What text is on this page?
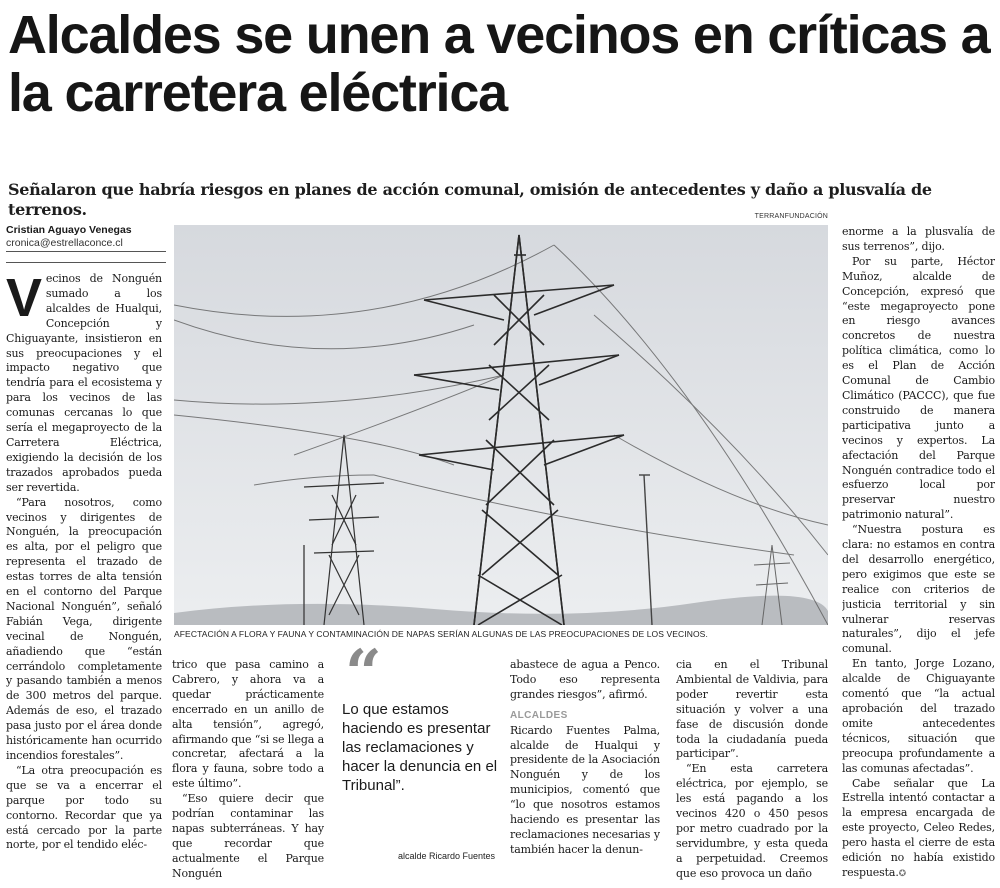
Alcaldes se unen a vecinos en críticas a la carretera eléctrica

Señalaron que habría riesgos en planes de acción comunal, omisión de antecedentes y daño a plusvalía de terrenos.

Cristian Aguayo Venegas
cronica@estrellaconce.cl

Vecinos de Nonguén sumado a los alcaldes de Hualqui, Concepción y Chiguayante, insistieron en sus preocupaciones y el impacto negativo que tendría para el ecosistema y para los vecinos de las comunas cercanas lo que sería el megaproyecto de la Carretera Eléctrica, exigiendo la decisión de los trazados aprobados pueda ser revertida.

“Para nosotros, como vecinos y dirigentes de Nonguén, la preocupación es alta, por el peligro que representa el trazado de estas torres de alta tensión en el contorno del Parque Nacional Nonguén”, señaló Fabián Vega, dirigente vecinal de Nonguén, añadiendo que “están cerrándolo completamente y pasando también a menos de 300 metros del parque. Además de eso, el trazado pasa justo por el área donde históricamente han ocurrido incendios forestales”.

“La otra preocupación es que se va a encerrar el parque por todo su contorno. Recordar que ya está cercado por la parte norte, por el tendido eléc-

TERRANFUNDACIÓN
AFECTACIÓN A FLORA Y FAUNA Y CONTAMINACIÓN DE NAPAS SERÍAN ALGUNAS DE LAS PREOCUPACIONES DE LOS VECINOS.

trico que pasa camino a Cabrero, y ahora va a quedar prácticamente encerrado en un anillo de alta tensión”, agregó, afirmando que “si se llega a concretar, afectará a la flora y fauna, sobre todo a este último”.

“Eso quiere decir que podrían contaminar las napas subterráneas. Y hay que recordar que actualmente el Parque Nonguén

“
Lo que estamos haciendo es presentar las reclamaciones y hacer la denuncia en el Tribunal”.
alcalde Ricardo Fuentes

abastece de agua a Penco. Todo eso representa grandes riesgos”, afirmó.

ALCALDES

Ricardo Fuentes Palma, alcalde de Hualqui y presidente de la Asociación Nonguén y de los municipios, comentó que “lo que nosotros estamos haciendo es presentar las reclamaciones necesarias y también hacer la denun-

cia en el Tribunal Ambiental de Valdivia, para poder revertir esta situación y volver a una fase de discusión donde toda la ciudadanía pueda participar”.

“En esta carretera eléctrica, por ejemplo, se les está pagando a los vecinos 420 o 450 pesos por metro cuadrado por la servidumbre, y esta queda a perpetuidad. Creemos que eso provoca un daño

enorme a la plusvalía de sus terrenos”, dijo.

Por su parte, Héctor Muñoz, alcalde de Concepción, expresó que “este megaproyecto pone en riesgo avances concretos de nuestra política climática, como lo es el Plan de Acción Comunal de Cambio Climático (PACCC), que fue construido de manera participativa junto a vecinos y expertos. La afectación del Parque Nonguén contradice todo el esfuerzo local por preservar nuestro patrimonio natural”.

“Nuestra postura es clara: no estamos en contra del desarrollo energético, pero exigimos que este se realice con criterios de justicia territorial y sin vulnerar reservas naturales”, dijo el jefe comunal.

En tanto, Jorge Lozano, alcalde de Chiguayante comentó que “la actual aprobación del trazado omite antecedentes técnicos, situación que preocupa profundamente a las comunas afectadas”.

Cabe señalar que La Estrella intentó contactar a la empresa encargada de este proyecto, Celeo Redes, pero hasta el cierre de esta edición no había existido respuesta.✪
